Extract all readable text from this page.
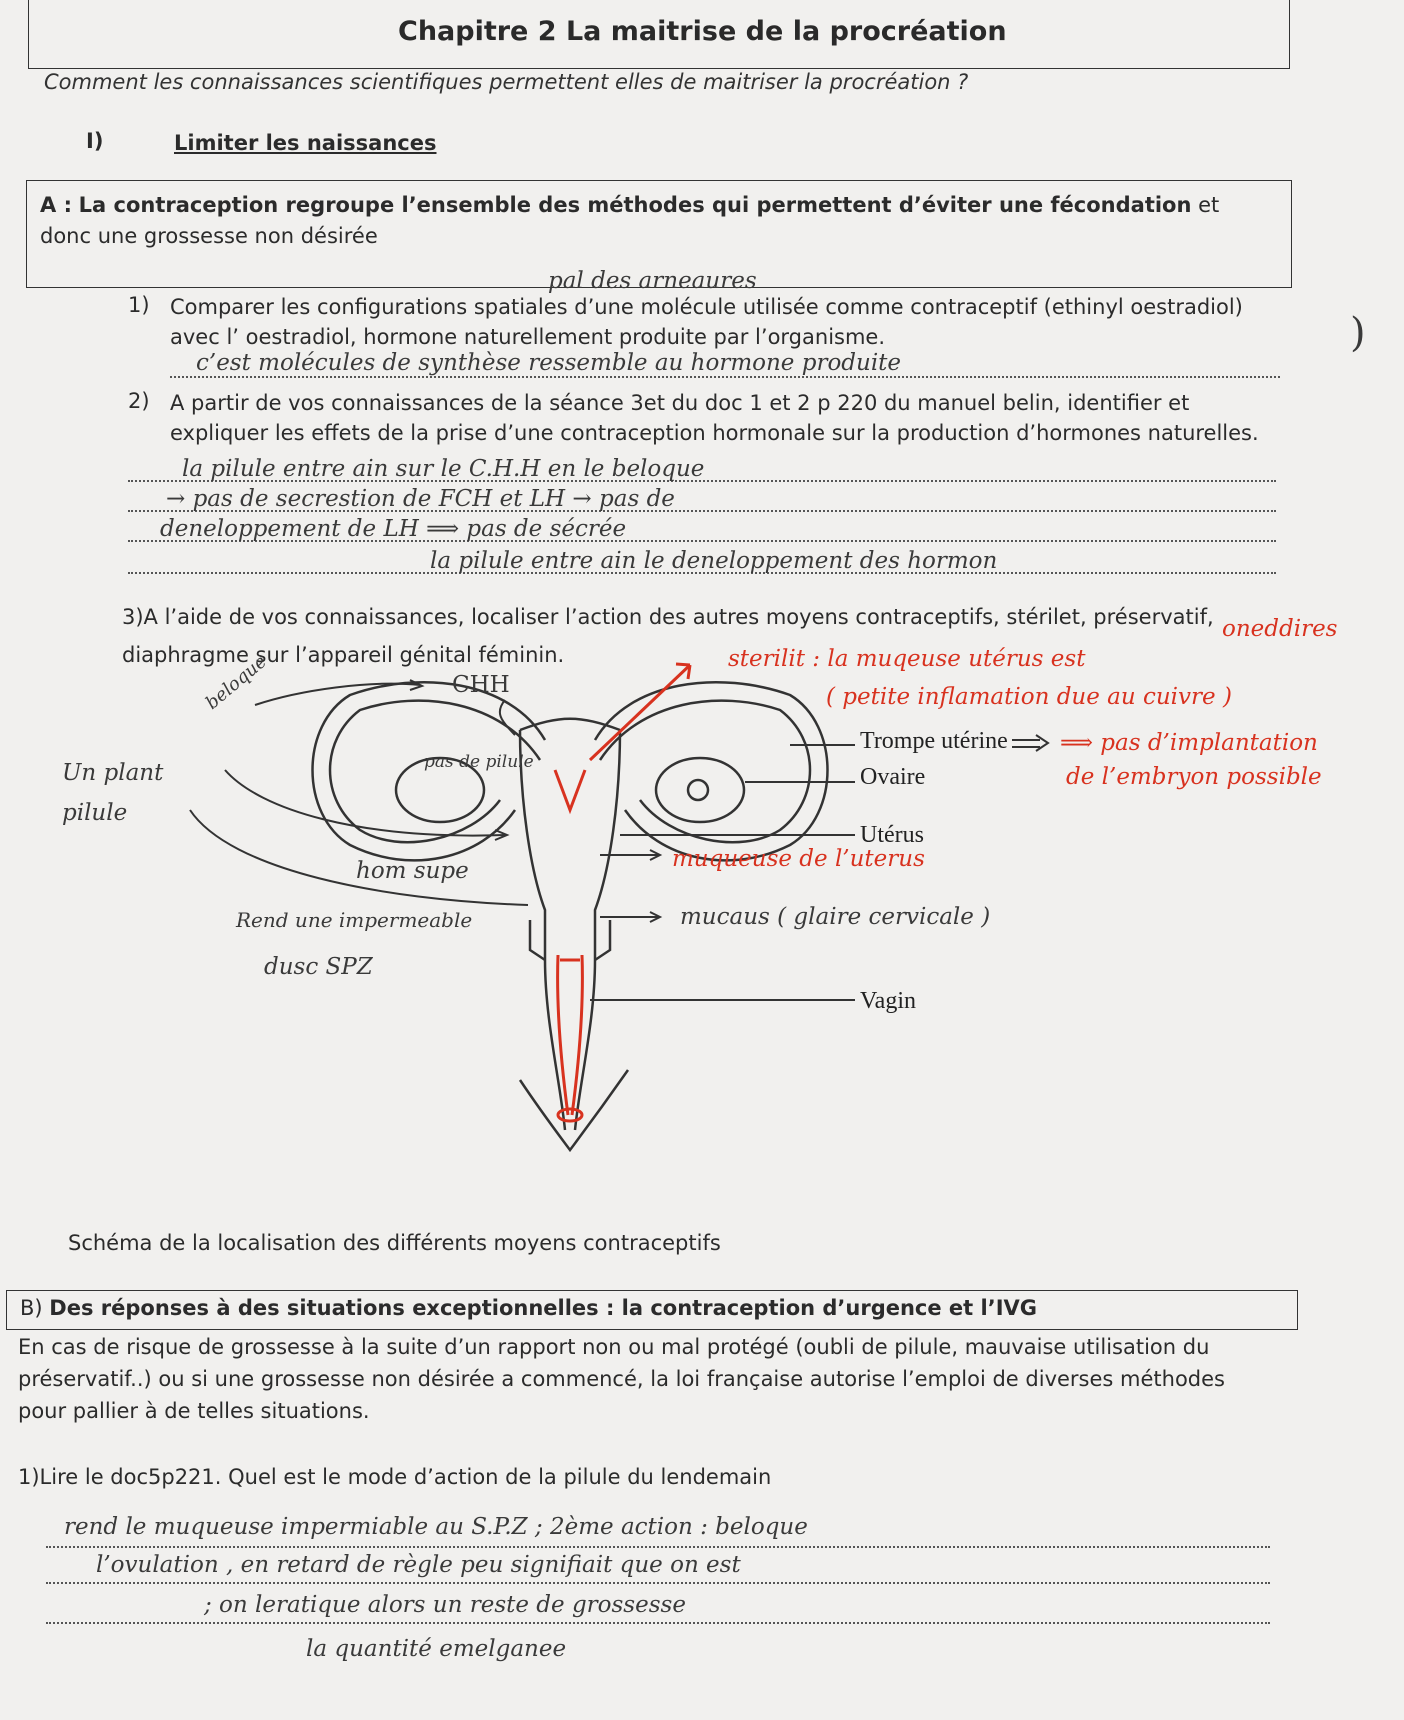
Chapitre 2 La maitrise de la procréation
Comment les connaissances scientifiques permettent elles de maitriser la procréation ?
I)	Limiter les naissances
A : La contraception regroupe l’ensemble des méthodes qui permettent d’éviter une fécondation et donc une grossesse non désirée
pal des arneaures
1) Comparer les configurations spatiales d’une molécule utilisée comme contraceptif (ethinyl oestradiol)
avec l’ oestradiol, hormone naturellement produite par l’organisme.
c’est molécules de synthèse ressemble au hormone produite
)
2) A partir de vos connaissances de la séance 3et du doc 1 et 2 p 220 du manuel belin, identifier et
expliquer les effets de la prise d’une contraception hormonale sur la production d’hormones naturelles.
la pilule entre ain sur le C.H.H en le beloque
→ pas de secrestion de FCH et LH → pas de
deneloppement de LH ⟹ pas de sécrée
la pilule entre ain le deneloppement des hormon
3)A l’aide de vos connaissances, localiser l’action des autres moyens contraceptifs, stérilet, préservatif, oneddires
diaphragme sur l’appareil génital féminin.
Trompe utérine
Ovaire
Utérus
Vagin
sterilit : la muqeuse utérus est
( petite inflamation due au cuivre )
⟹ pas d’implantation
de l’embryon possible
muqueuse de l’uterus
mucaus ( glaire cervicale )
CHH
beloque
Un plant
pilule
pas de pilule
hom supe
Rend une impermeable
dusc SPZ
Schéma de la localisation des différents moyens contraceptifs
B) Des réponses à des situations exceptionnelles : la contraception d’urgence et l’IVG
En cas de risque de grossesse à la suite d’un rapport non ou mal protégé (oubli de pilule, mauvaise utilisation du
préservatif..) ou si une grossesse non désirée a commencé, la loi française autorise l’emploi de diverses méthodes
pour pallier à de telles situations.
1)Lire le doc5p221. Quel est le mode d’action de la pilule du lendemain
rend le muqueuse impermiable au S.P.Z ; 2ème action : beloque
l’ovulation , en retard de règle peu signifiait que on est
; on leratique alors un reste de grossesse
la quantité emelganee
